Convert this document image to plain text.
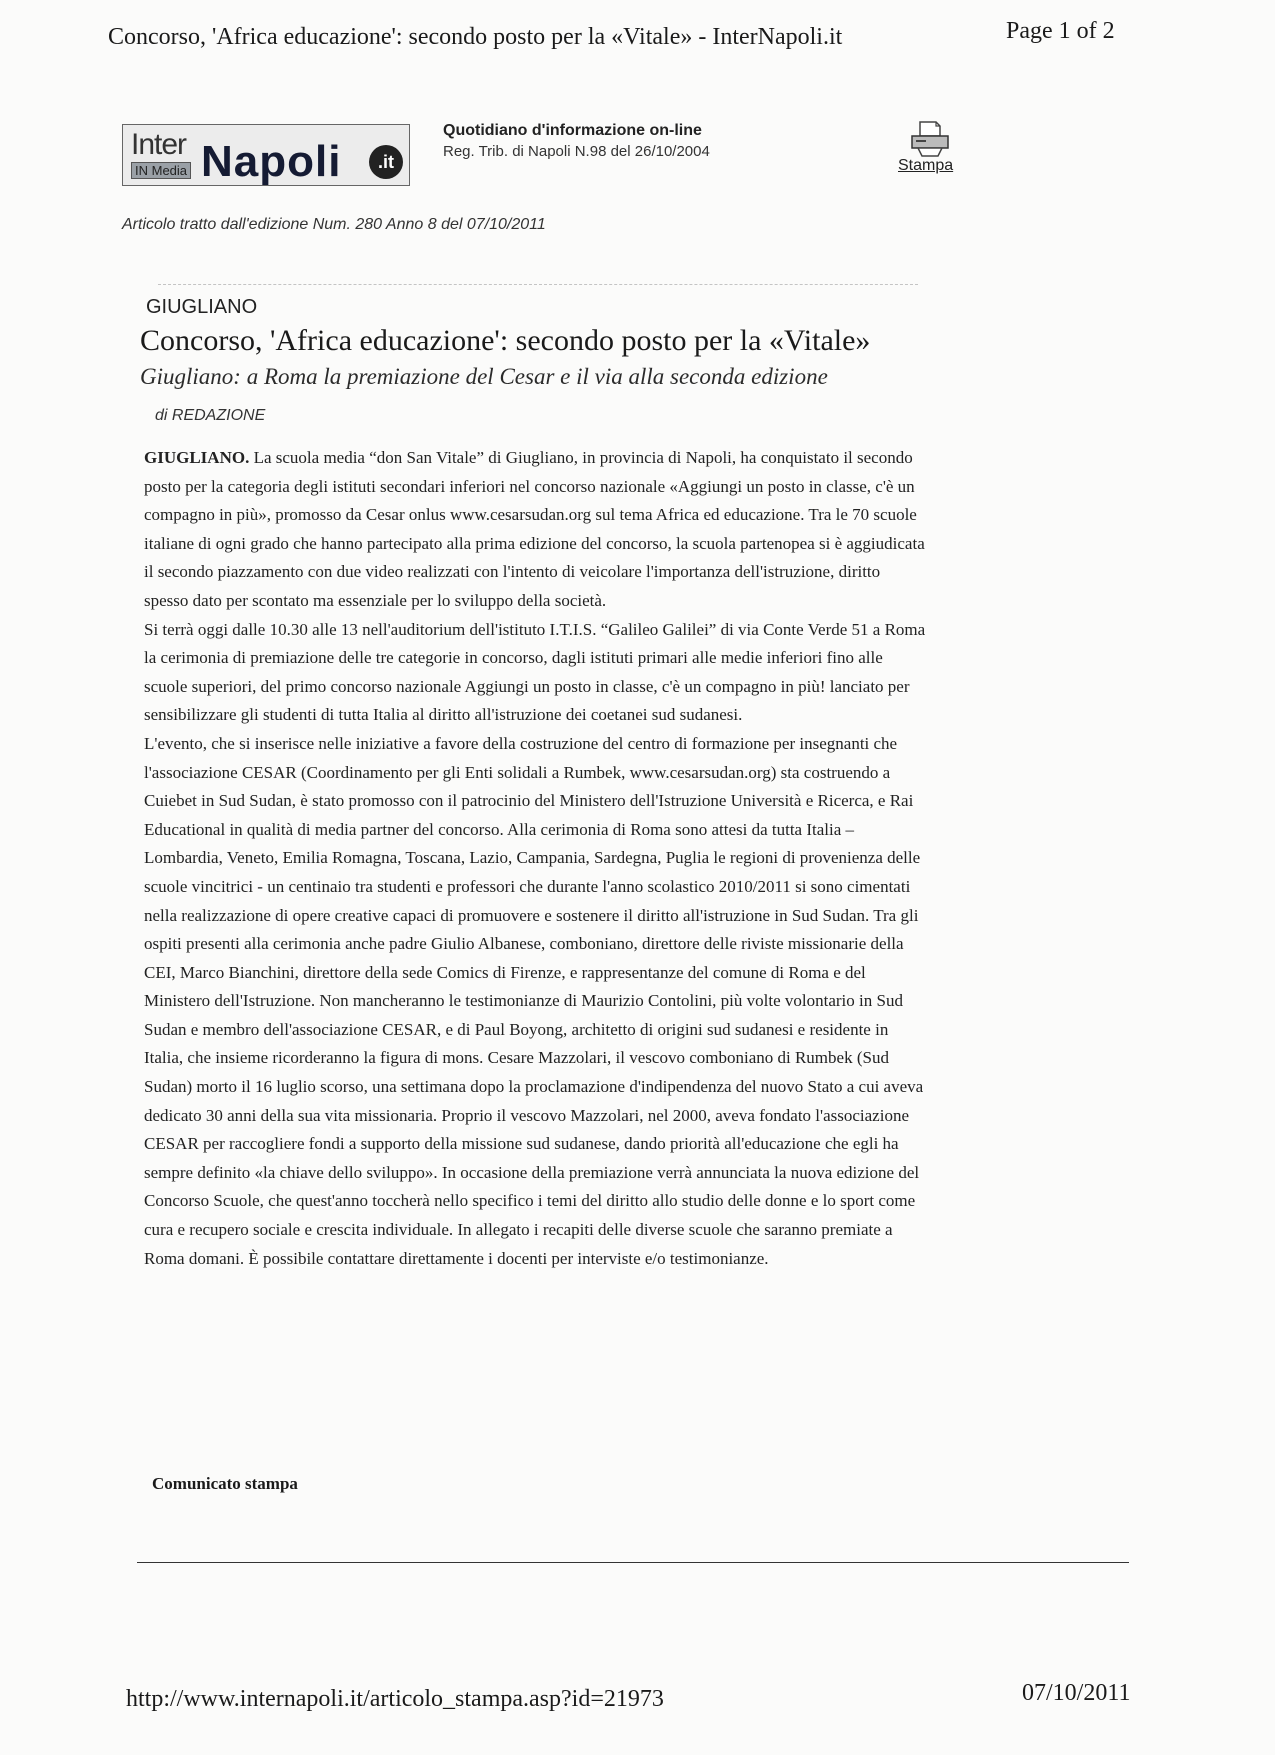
Concorso, 'Africa educazione': secondo posto per la «Vitale» - InterNapoli.it	Page 1 of 2
Inter
IN Media Napoli	.it
Quotidiano d'informazione on-line
Reg. Trib. di Napoli N.98 del 26/10/2004
Stampa
Articolo tratto dall'edizione Num. 280 Anno 8 del 07/10/2011
GIUGLIANO
Concorso, 'Africa educazione': secondo posto per la «Vitale»
Giugliano: a Roma la premiazione del Cesar e il via alla seconda edizione
di REDAZIONE

GIUGLIANO. La scuola media “don San Vitale” di Giugliano, in provincia di Napoli, ha conquistato il secondo posto per la categoria degli istituti secondari inferiori nel concorso nazionale «Aggiungi un posto in classe, c'è un compagno in più», promosso da Cesar onlus www.cesarsudan.org sul tema Africa ed educazione. Tra le 70 scuole italiane di ogni grado che hanno partecipato alla prima edizione del concorso, la scuola partenopea si è aggiudicata il secondo piazzamento con due video realizzati con l'intento di veicolare l'importanza dell'istruzione, diritto spesso dato per scontato ma essenziale per lo sviluppo della società.

Si terrà oggi dalle 10.30 alle 13 nell'auditorium dell'istituto I.T.I.S. “Galileo Galilei” di via Conte Verde 51 a Roma la cerimonia di premiazione delle tre categorie in concorso, dagli istituti primari alle medie inferiori fino alle scuole superiori, del primo concorso nazionale Aggiungi un posto in classe, c'è un compagno in più! lanciato per sensibilizzare gli studenti di tutta Italia al diritto all'istruzione dei coetanei sud sudanesi.

L'evento, che si inserisce nelle iniziative a favore della costruzione del centro di formazione per insegnanti che l'associazione CESAR (Coordinamento per gli Enti solidali a Rumbek, www.cesarsudan.org) sta costruendo a Cuiebet in Sud Sudan, è stato promosso con il patrocinio del Ministero dell'Istruzione Università e Ricerca, e Rai Educational in qualità di media partner del concorso. Alla cerimonia di Roma sono attesi da tutta Italia – Lombardia, Veneto, Emilia Romagna, Toscana, Lazio, Campania, Sardegna, Puglia le regioni di provenienza delle scuole vincitrici - un centinaio tra studenti e professori che durante l'anno scolastico 2010/2011 si sono cimentati nella realizzazione di opere creative capaci di promuovere e sostenere il diritto all'istruzione in Sud Sudan. Tra gli ospiti presenti alla cerimonia anche padre Giulio Albanese, comboniano, direttore delle riviste missionarie della CEI, Marco Bianchini, direttore della sede Comics di Firenze, e rappresentanze del comune di Roma e del Ministero dell'Istruzione. Non mancheranno le testimonianze di Maurizio Contolini, più volte volontario in Sud Sudan e membro dell'associazione CESAR, e di Paul Boyong, architetto di origini sud sudanesi e residente in Italia, che insieme ricorderanno la figura di mons. Cesare Mazzolari, il vescovo comboniano di Rumbek (Sud Sudan) morto il 16 luglio scorso, una settimana dopo la proclamazione d'indipendenza del nuovo Stato a cui aveva dedicato 30 anni della sua vita missionaria. Proprio il vescovo Mazzolari, nel 2000, aveva fondato l'associazione CESAR per raccogliere fondi a supporto della missione sud sudanese, dando priorità all'educazione che egli ha sempre definito «la chiave dello sviluppo». In occasione della premiazione verrà annunciata la nuova edizione del Concorso Scuole, che quest'anno toccherà nello specifico i temi del diritto allo studio delle donne e lo sport come cura e recupero sociale e crescita individuale. In allegato i recapiti delle diverse scuole che saranno premiate a Roma domani. È possibile contattare direttamente i docenti per interviste e/o testimonianze.

Comunicato stampa
http://www.internapoli.it/articolo_stampa.asp?id=21973	07/10/2011
